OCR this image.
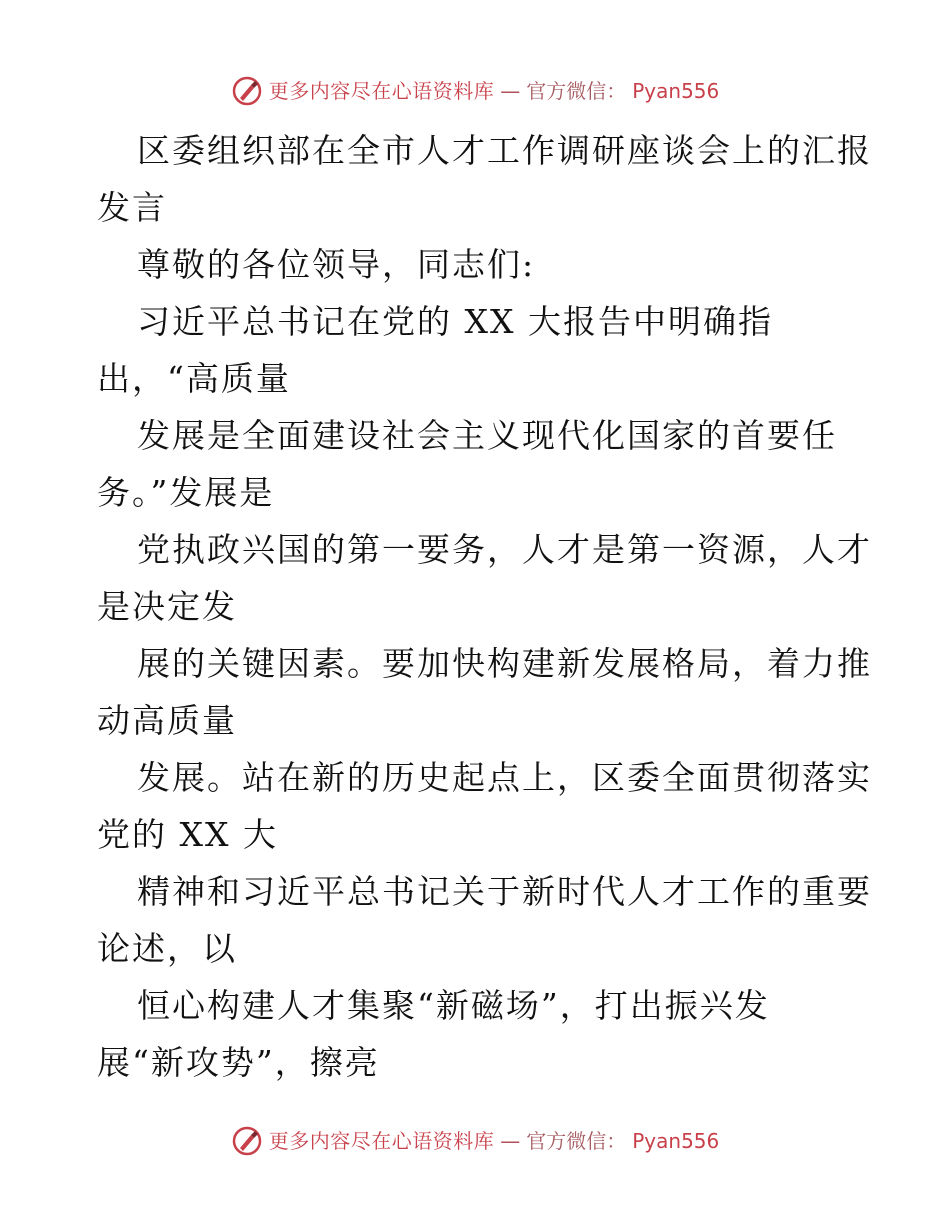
更多内容尽在心语资料库 — 官方微信： Pyan556
区委组织部在全市人才工作调研座谈会上的汇报
发言
尊敬的各位领导，同志们:
习近平总书记在党的 XX 大报告中明确指
出，“高质量
发展是全面建设社会主义现代化国家的首要任
务。”发展是
党执政兴国的第一要务，人才是第一资源，人才
是决定发
展的关键因素。要加快构建新发展格局，着力推
动高质量
发展。站在新的历史起点上，区委全面贯彻落实
党的 XX 大
精神和习近平总书记关于新时代人才工作的重要
论述，以
恒心构建人才集聚“新磁场”，打出振兴发
展“新攻势”，擦亮
更多内容尽在心语资料库 — 官方微信： Pyan556
